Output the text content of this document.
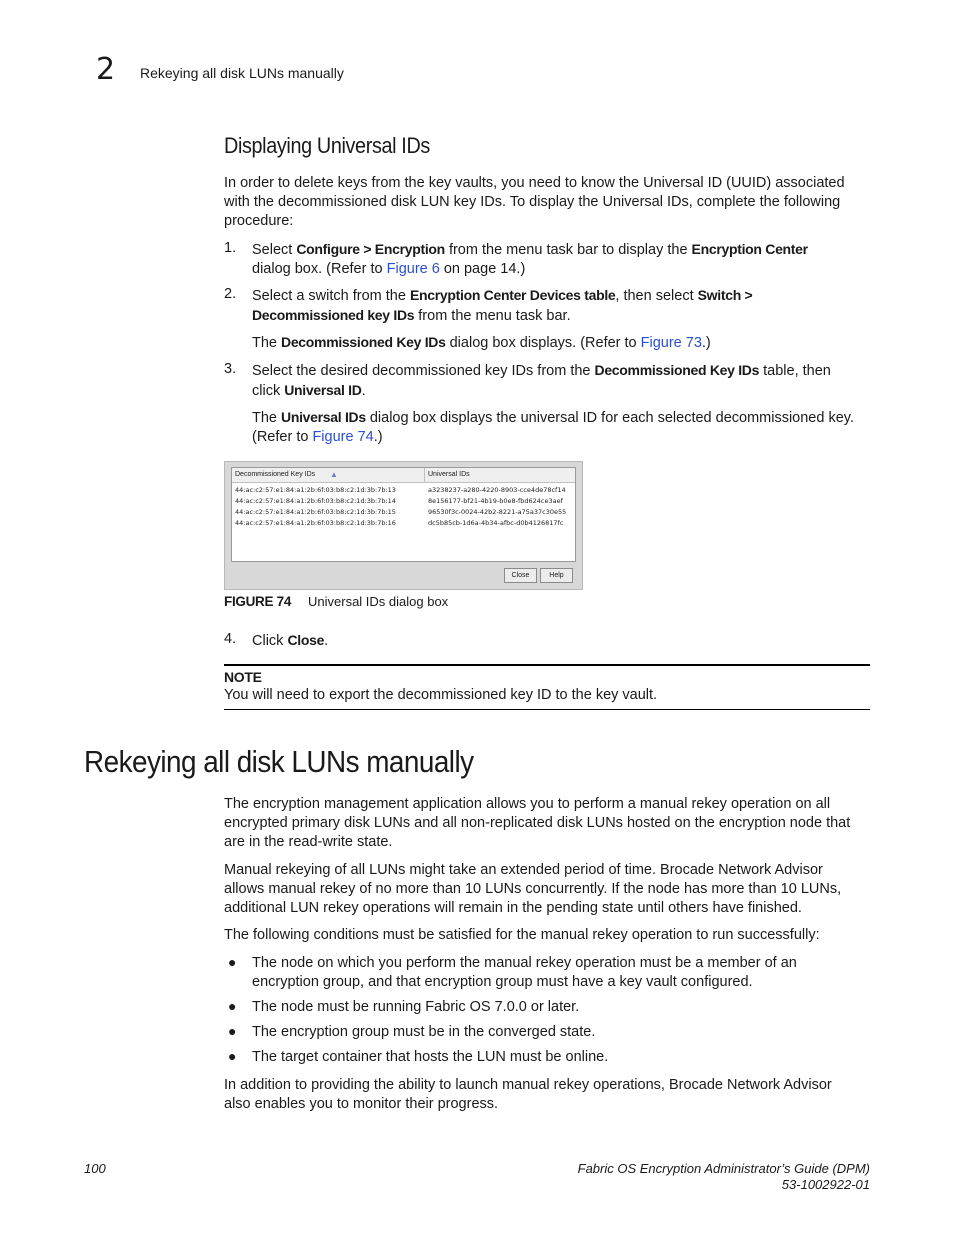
2 Rekeying all disk LUNs manually
Displaying Universal IDs
In order to delete keys from the key vaults, you need to know the Universal ID (UUID) associated with the decommissioned disk LUN key IDs. To display the Universal IDs, complete the following procedure:
1. Select Configure > Encryption from the menu task bar to display the Encryption Center
dialog box. (Refer to Figure 6 on page 14.)
2. Select a switch from the Encryption Center Devices table, then select Switch >
Decommissioned key IDs from the menu task bar.
The Decommissioned Key IDs dialog box displays. (Refer to Figure 73.)
3. Select the desired decommissioned key IDs from the Decommissioned Key IDs table, then
click Universal ID.
The Universal IDs dialog box displays the universal ID for each selected decommissioned key.
(Refer to Figure 74.)
Decommissioned Key IDs ▲	Universal IDs
44:ac:c2:57:e1:84:a1:2b:6f:03:b8:c2:1d:3b:7b:13	a3238237-a280-4220-8903-cce4de78cf14
44:ac:c2:57:e1:84:a1:2b:6f:03:b8:c2:1d:3b:7b:14	8e156177-bf21-4b19-b0e8-fbd624ce3aef
44:ac:c2:57:e1:84:a1:2b:6f:03:b8:c2:1d:3b:7b:15	96530f3c-0024-42b2-8221-a75a37c30e55
44:ac:c2:57:e1:84:a1:2b:6f:03:b8:c2:1d:3b:7b:16	dc5b85cb-1d6a-4b34-afbc-d0b4126817fc
Close	Help
FIGURE 74 Universal IDs dialog box
4. Click Close.
NOTE
You will need to export the decommissioned key ID to the key vault.
Rekeying all disk LUNs manually
The encryption management application allows you to perform a manual rekey operation on all encrypted primary disk LUNs and all non-replicated disk LUNs hosted on the encryption node that are in the read-write state.
Manual rekeying of all LUNs might take an extended period of time. Brocade Network Advisor allows manual rekey of no more than 10 LUNs concurrently. If the node has more than 10 LUNs, additional LUN rekey operations will remain in the pending state until others have finished.
The following conditions must be satisfied for the manual rekey operation to run successfully:
● The node on which you perform the manual rekey operation must be a member of an encryption group, and that encryption group must have a key vault configured.
● The node must be running Fabric OS 7.0.0 or later.
● The encryption group must be in the converged state.
● The target container that hosts the LUN must be online.
In addition to providing the ability to launch manual rekey operations, Brocade Network Advisor also enables you to monitor their progress.
100	Fabric OS Encryption Administrator’s Guide (DPM)
53-1002922-01
